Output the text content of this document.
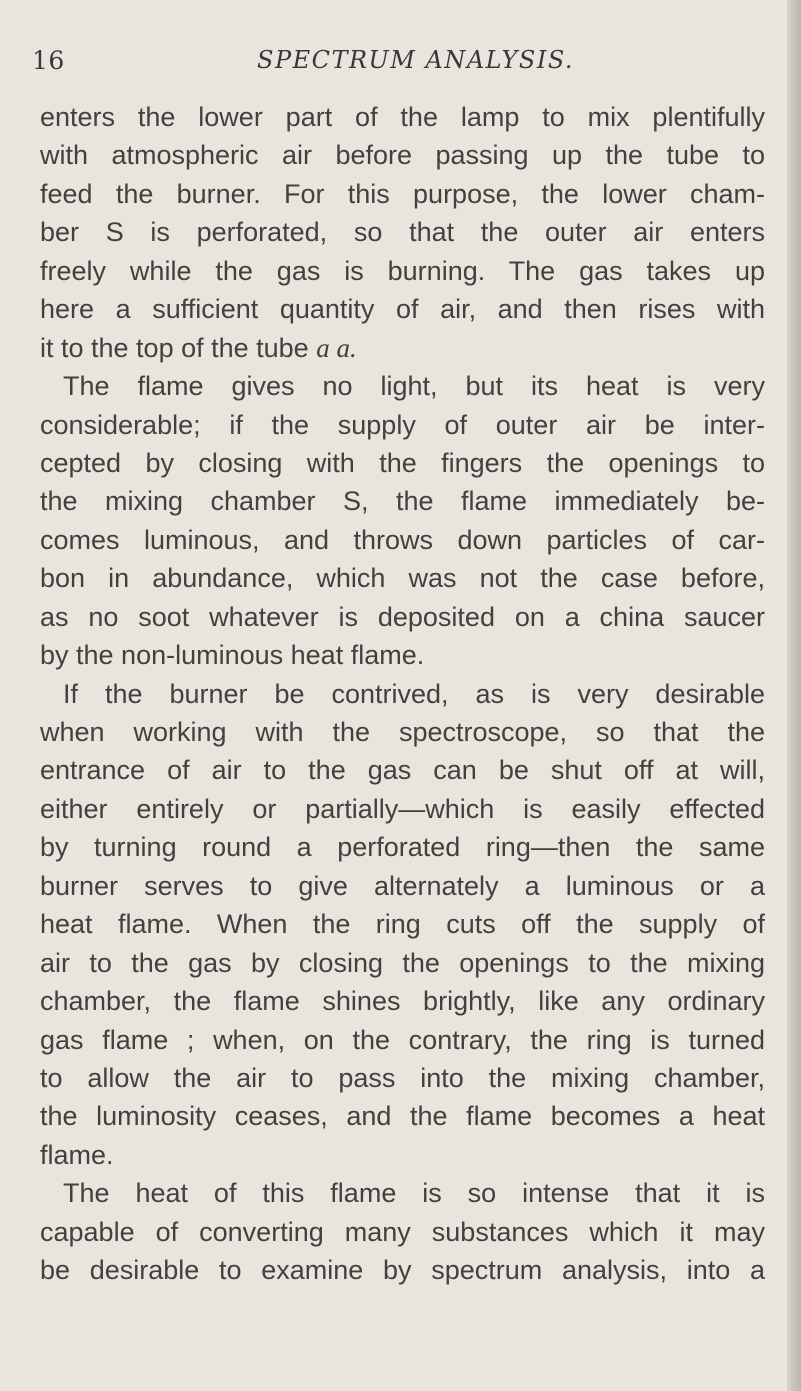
16	SPECTRUM ANALYSIS.
enters the lower part of the lamp to mix plentifully
with atmospheric air before passing up the tube to
feed the burner. For this purpose, the lower cham-
ber S is perforated, so that the outer air enters
freely while the gas is burning. The gas takes up
here a sufficient quantity of air, and then rises with
it to the top of the tube a a.
The flame gives no light, but its heat is very
considerable; if the supply of outer air be inter-
cepted by closing with the fingers the openings to
the mixing chamber S, the flame immediately be-
comes luminous, and throws down particles of car-
bon in abundance, which was not the case before,
as no soot whatever is deposited on a china saucer
by the non-luminous heat flame.
If the burner be contrived, as is very desirable
when working with the spectroscope, so that the
entrance of air to the gas can be shut off at will,
either entirely or partially—which is easily effected
by turning round a perforated ring—then the same
burner serves to give alternately a luminous or a
heat flame. When the ring cuts off the supply of
air to the gas by closing the openings to the mixing
chamber, the flame shines brightly, like any ordinary
gas flame ; when, on the contrary, the ring is turned
to allow the air to pass into the mixing chamber,
the luminosity ceases, and the flame becomes a heat
flame.
The heat of this flame is so intense that it is
capable of converting many substances which it may
be desirable to examine by spectrum analysis, into a
